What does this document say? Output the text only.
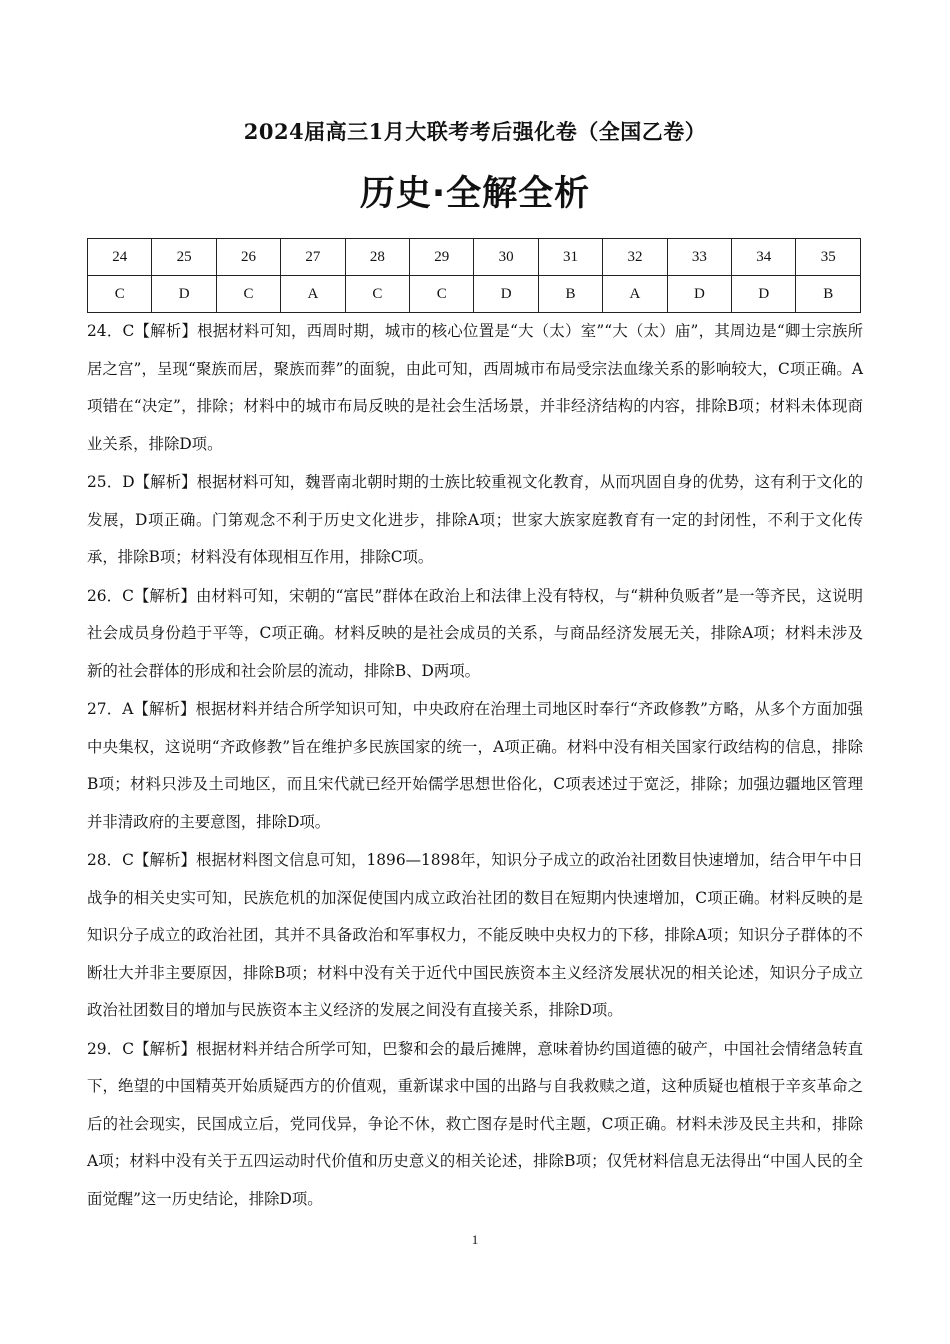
2024届高三1月大联考考后强化卷（全国乙卷）
历史·全解全析
24	25	26	27	28	29	30	31	32	33	34	35
C	D	C	A	C	C	D	B	A	D	D	B

24．C【解析】根据材料可知，西周时期，城市的核心位置是“大（太）室”“大（太）庙”，其周边是“卿士宗族所居之宫”，呈现“聚族而居，聚族而葬”的面貌，由此可知，西周城市布局受宗法血缘关系的影响较大，C项正确。A项错在“决定”，排除；材料中的城市布局反映的是社会生活场景，并非经济结构的内容，排除B项；材料未体现商业关系，排除D项。

25．D【解析】根据材料可知，魏晋南北朝时期的士族比较重视文化教育，从而巩固自身的优势，这有利于文化的发展，D项正确。门第观念不利于历史文化进步，排除A项；世家大族家庭教育有一定的封闭性，不利于文化传承，排除B项；材料没有体现相互作用，排除C项。

26．C【解析】由材料可知，宋朝的“富民”群体在政治上和法律上没有特权，与“耕种负贩者”是一等齐民，这说明社会成员身份趋于平等，C项正确。材料反映的是社会成员的关系，与商品经济发展无关，排除A项；材料未涉及新的社会群体的形成和社会阶层的流动，排除B、D两项。

27．A【解析】根据材料并结合所学知识可知，中央政府在治理土司地区时奉行“齐政修教”方略，从多个方面加强中央集权，这说明“齐政修教”旨在维护多民族国家的统一，A项正确。材料中没有相关国家行政结构的信息，排除B项；材料只涉及土司地区，而且宋代就已经开始儒学思想世俗化，C项表述过于宽泛，排除；加强边疆地区管理并非清政府的主要意图，排除D项。

28．C【解析】根据材料图文信息可知，1896—1898年，知识分子成立的政治社团数目快速增加，结合甲午中日战争的相关史实可知，民族危机的加深促使国内成立政治社团的数目在短期内快速增加，C项正确。材料反映的是知识分子成立的政治社团，其并不具备政治和军事权力，不能反映中央权力的下移，排除A项；知识分子群体的不断壮大并非主要原因，排除B项；材料中没有关于近代中国民族资本主义经济发展状况的相关论述，知识分子成立政治社团数目的增加与民族资本主义经济的发展之间没有直接关系，排除D项。

29．C【解析】根据材料并结合所学可知，巴黎和会的最后摊牌，意味着协约国道德的破产，中国社会情绪急转直下，绝望的中国精英开始质疑西方的价值观，重新谋求中国的出路与自我救赎之道，这种质疑也植根于辛亥革命之后的社会现实，民国成立后，党同伐异，争论不休，救亡图存是时代主题，C项正确。材料未涉及民主共和，排除A项；材料中没有关于五四运动时代价值和历史意义的相关论述，排除B项；仅凭材料信息无法得出“中国人民的全面觉醒”这一历史结论，排除D项。

1
